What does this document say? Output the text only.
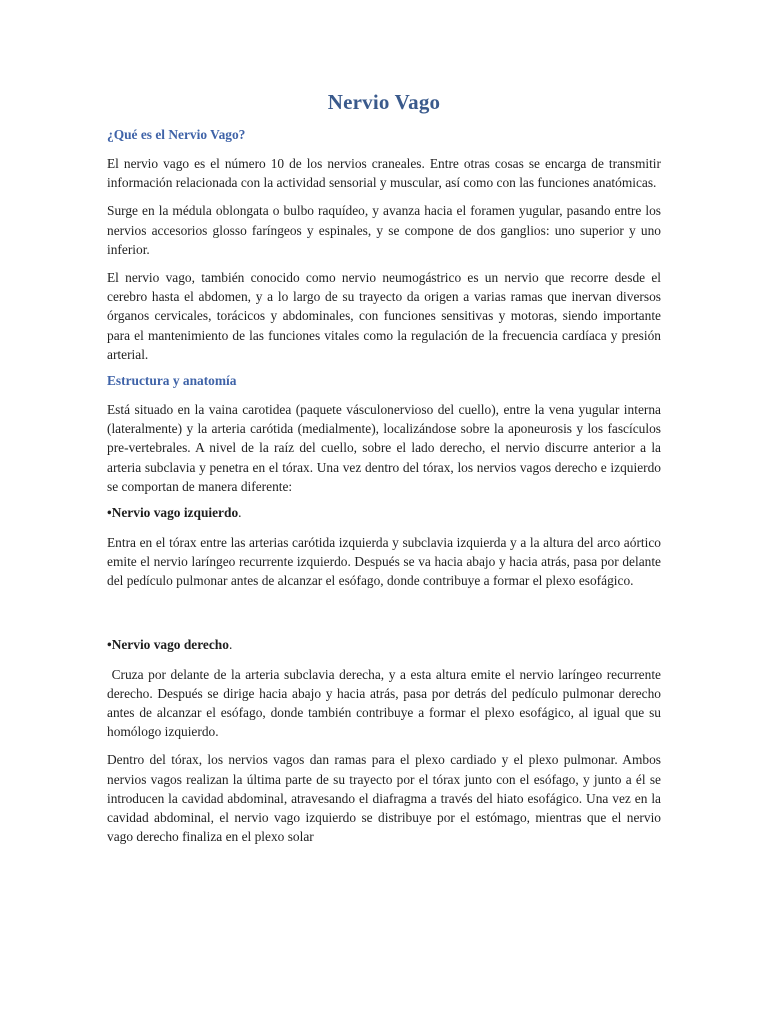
Nervio Vago
¿Qué es el Nervio Vago?

El nervio vago es el número 10 de los nervios craneales. Entre otras cosas se encarga de transmitir información relacionada con la actividad sensorial y muscular, así como con las funciones anatómicas.

Surge en la médula oblongata o bulbo raquídeo, y avanza hacia el foramen yugular, pasando entre los nervios accesorios glosso faríngeos y espinales, y se compone de dos ganglios: uno superior y uno inferior.

El nervio vago, también conocido como nervio neumogástrico es un nervio que recorre desde el cerebro hasta el abdomen, y a lo largo de su trayecto da origen a varias ramas que inervan diversos órganos cervicales, torácicos y abdominales, con funciones sensitivas y motoras, siendo importante para el mantenimiento de las funciones vitales como la regulación de la frecuencia cardíaca y presión arterial.

Estructura y anatomía

Está situado en la vaina carotidea (paquete vásculonervioso del cuello), entre la vena yugular interna (lateralmente) y la arteria carótida (medialmente), localizándose sobre la aponeurosis y los fascículos pre-vertebrales. A nivel de la raíz del cuello, sobre el lado derecho, el nervio discurre anterior a la arteria subclavia y penetra en el tórax. Una vez dentro del tórax, los nervios vagos derecho e izquierdo se comportan de manera diferente:

•Nervio vago izquierdo.

Entra en el tórax entre las arterias carótida izquierda y subclavia izquierda y a la altura del arco aórtico emite el nervio laríngeo recurrente izquierdo. Después se va hacia abajo y hacia atrás, pasa por delante del pedículo pulmonar antes de alcanzar el esófago, donde contribuye a formar el plexo esofágico.

•Nervio vago derecho.

Cruza por delante de la arteria subclavia derecha, y a esta altura emite el nervio laríngeo recurrente derecho. Después se dirige hacia abajo y hacia atrás, pasa por detrás del pedículo pulmonar derecho antes de alcanzar el esófago, donde también contribuye a formar el plexo esofágico, al igual que su homólogo izquierdo.

Dentro del tórax, los nervios vagos dan ramas para el plexo cardiado y el plexo pulmonar. Ambos nervios vagos realizan la última parte de su trayecto por el tórax junto con el esófago, y junto a él se introducen la cavidad abdominal, atravesando el diafragma a través del hiato esofágico. Una vez en la cavidad abdominal, el nervio vago izquierdo se distribuye por el estómago, mientras que el nervio vago derecho finaliza en el plexo solar
